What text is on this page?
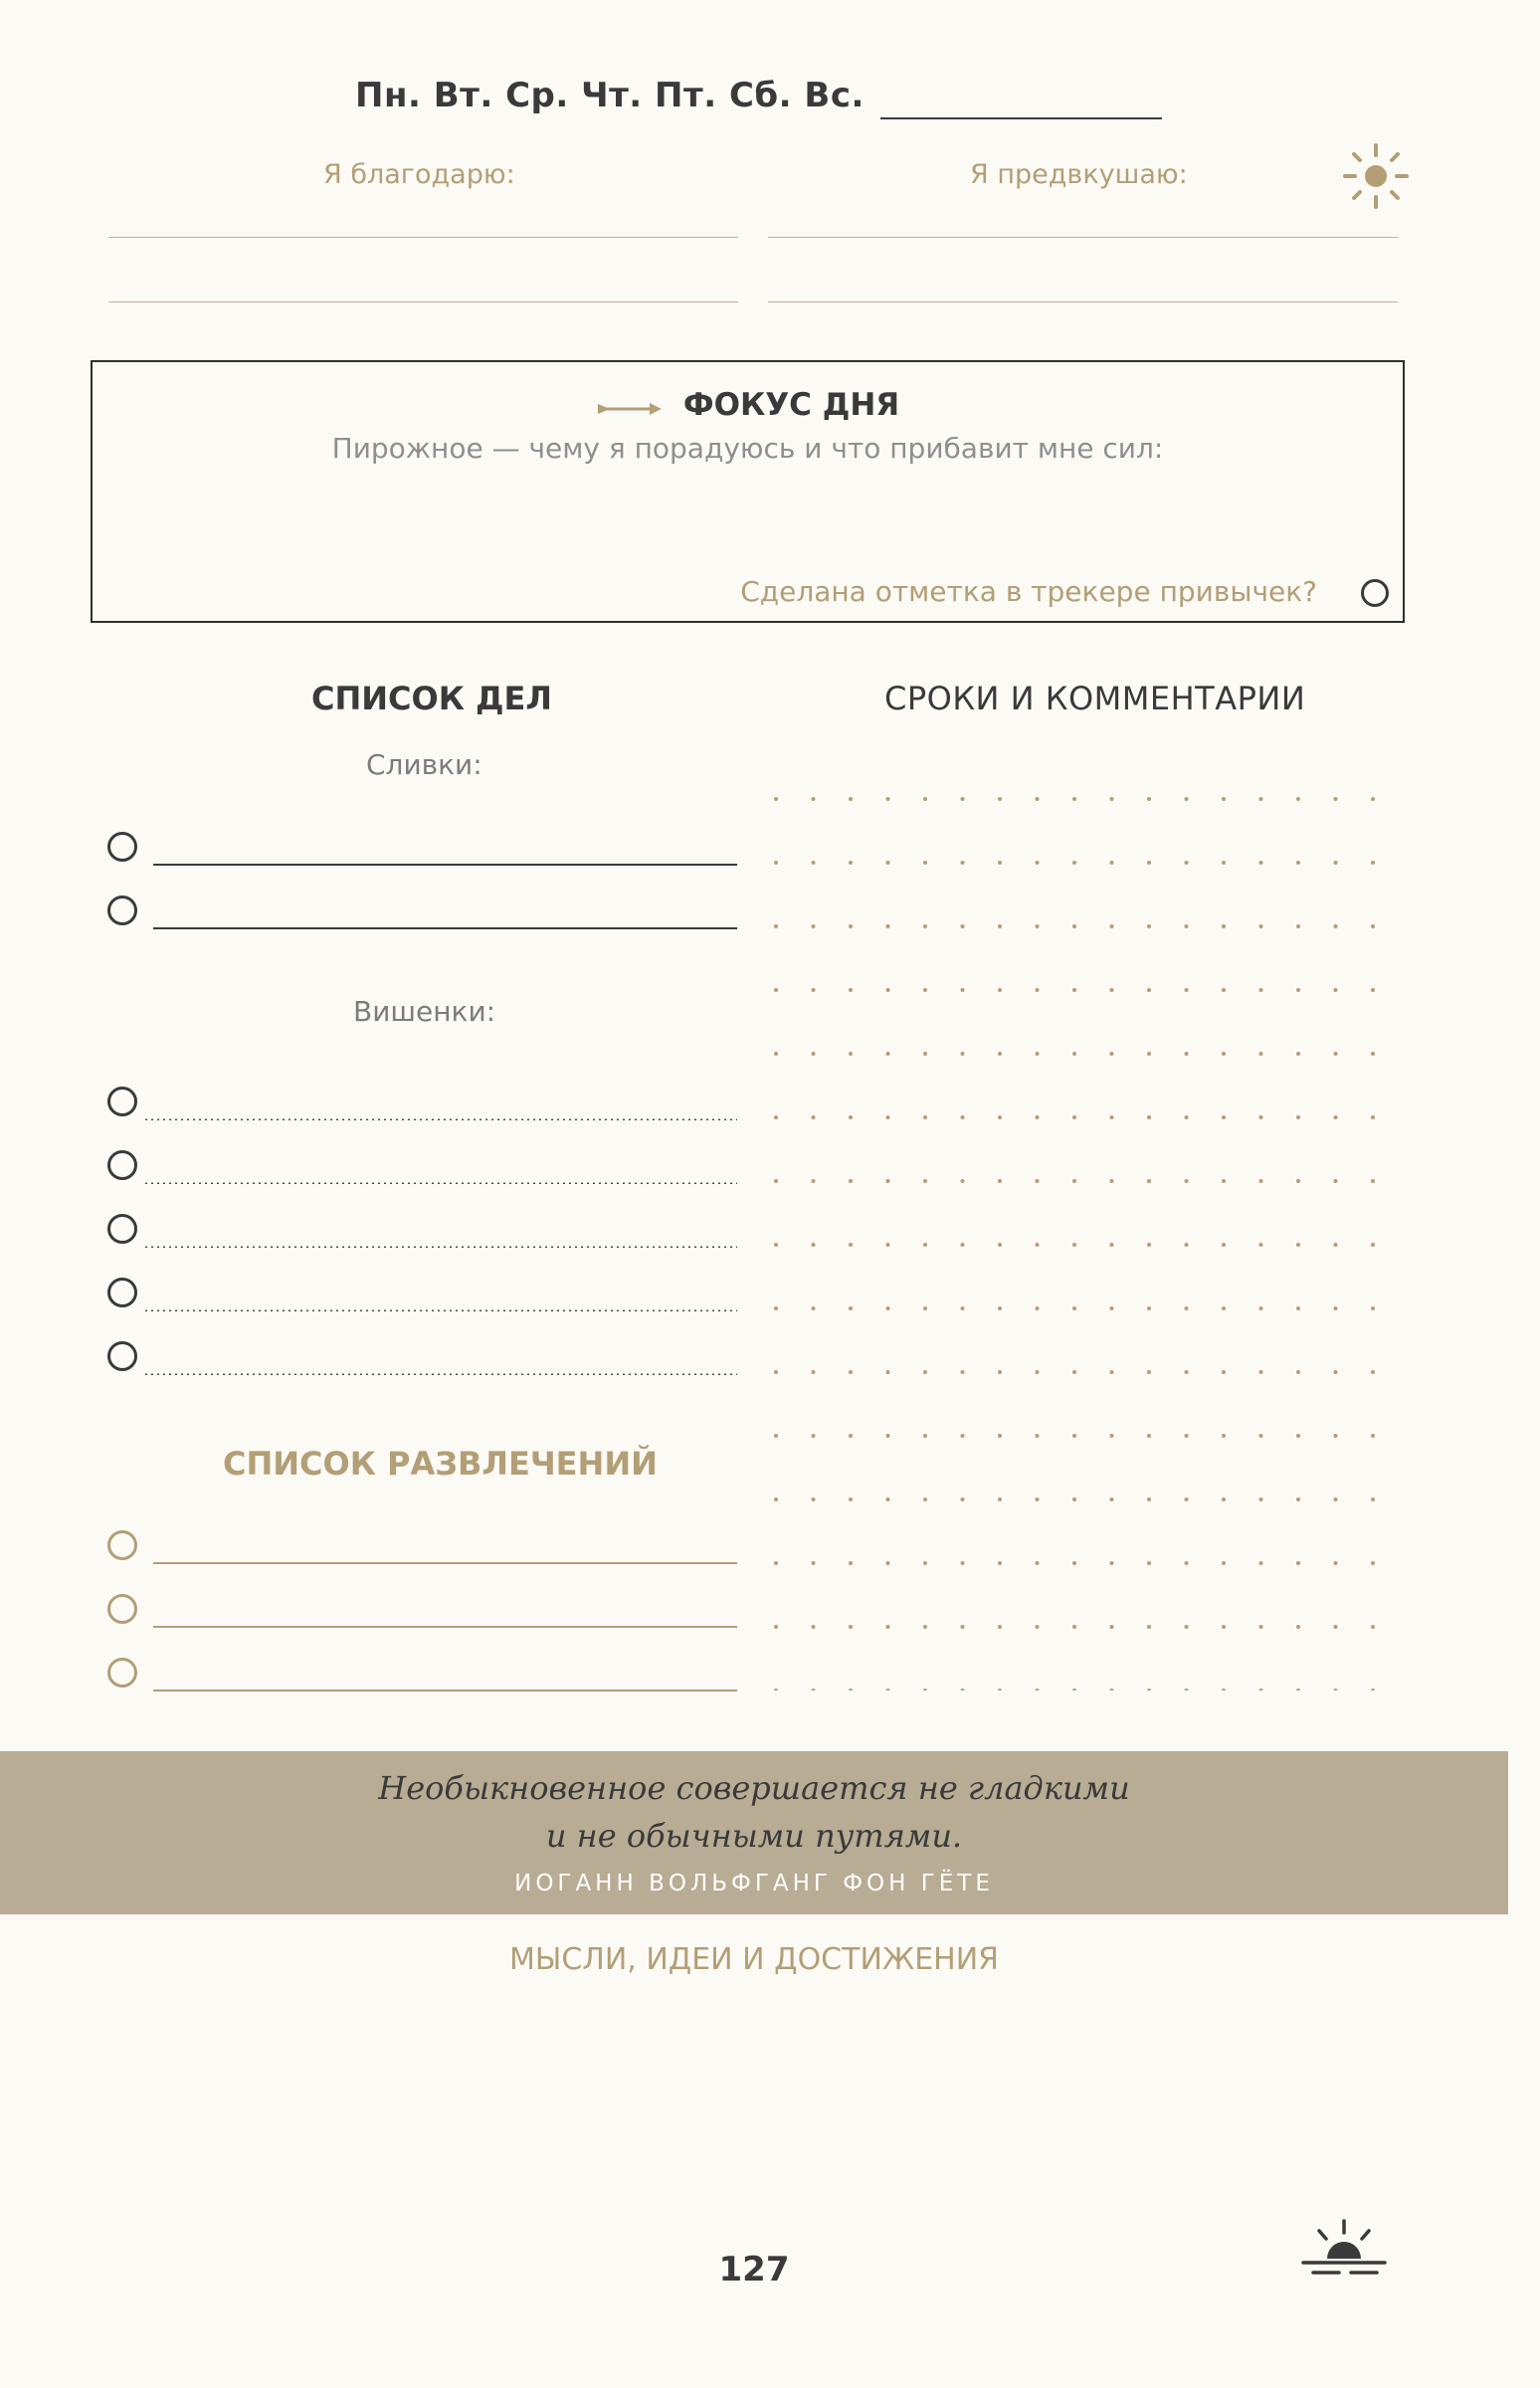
Пн. Вт. Ср. Чт. Пт. Сб. Вс.
Я благодарю:	Я предвкушаю:
ФОКУС ДНЯ
Пирожное — чему я порадуюсь и что прибавит мне сил:
Сделана отметка в трекере привычек?
СПИСОК ДЕЛ	СРОКИ И КОММЕНТАРИИ
Сливки:
Вишенки:
СПИСОК РАЗВЛЕЧЕНИЙ
Необыкновенное совершается не гладкими
и не обычными путями.
ИОГАНН ВОЛЬФГАНГ ФОН ГЁТЕ
МЫСЛИ, ИДЕИ И ДОСТИЖЕНИЯ
127
